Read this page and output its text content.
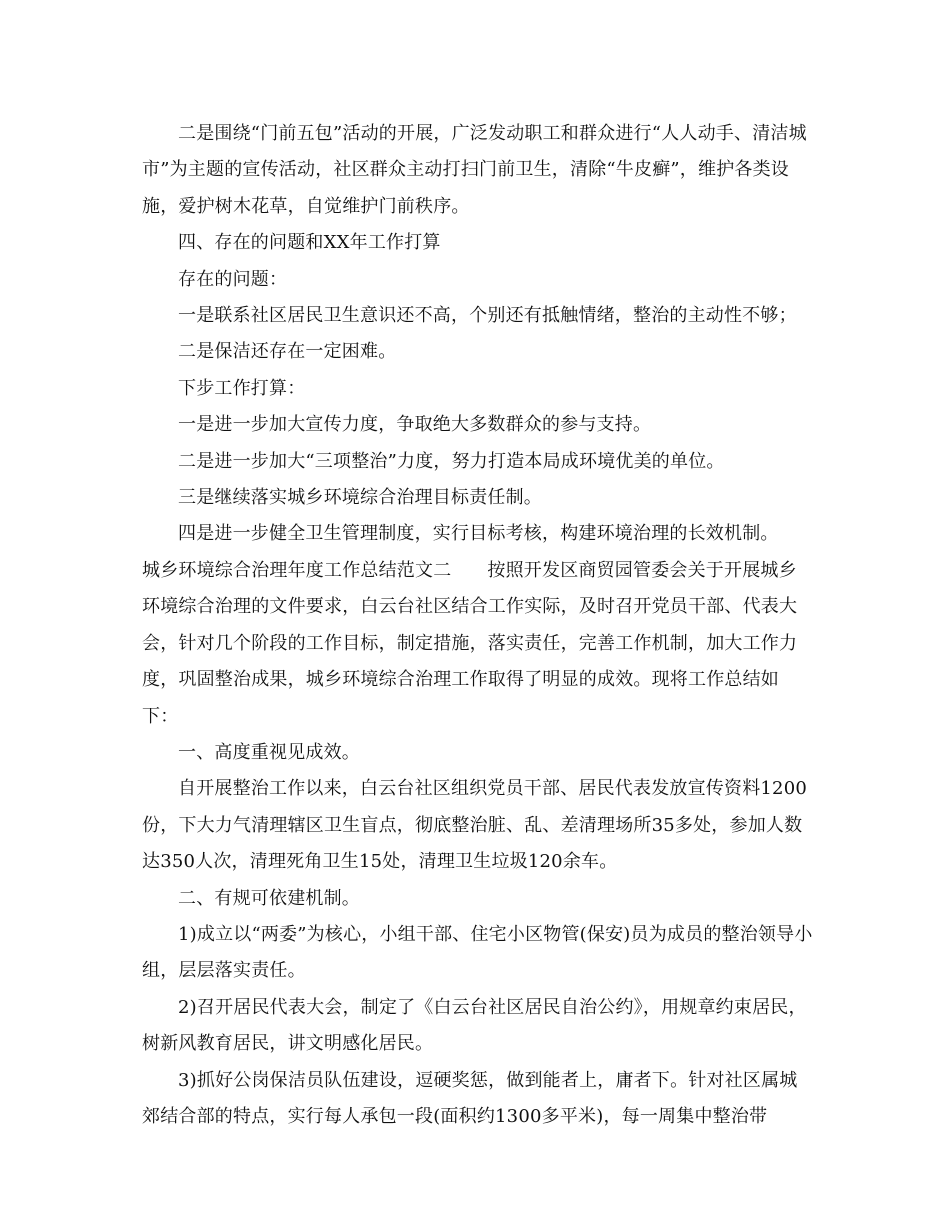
二是围绕“门前五包”活动的开展，广泛发动职工和群众进行“人人动手、清洁城市”为主题的宣传活动，社区群众主动打扫门前卫生，清除“牛皮癣”，维护各类设施，爱护树木花草，自觉维护门前秩序。

四、存在的问题和XX年工作打算

存在的问题：

一是联系社区居民卫生意识还不高，个别还有抵触情绪，整治的主动性不够；

二是保洁还存在一定困难。

下步工作打算：

一是进一步加大宣传力度，争取绝大多数群众的参与支持。

二是进一步加大“三项整治”力度，努力打造本局成环境优美的单位。

三是继续落实城乡环境综合治理目标责任制。

四是进一步健全卫生管理制度，实行目标考核，构建环境治理的长效机制。

城乡环境综合治理年度工作总结范文二 按照开发区商贸园管委会关于开展城乡环境综合治理的文件要求，白云台社区结合工作实际，及时召开党员干部、代表大会，针对几个阶段的工作目标，制定措施，落实责任，完善工作机制，加大工作力度，巩固整治成果，城乡环境综合治理工作取得了明显的成效。现将工作总结如下：

一、高度重视见成效。

自开展整治工作以来，白云台社区组织党员干部、居民代表发放宣传资料1200份，下大力气清理辖区卫生盲点，彻底整治脏、乱、差清理场所35多处，参加人数达350人次，清理死角卫生15处，清理卫生垃圾120余车。

二、有规可依建机制。

1)成立以“两委”为核心，小组干部、住宅小区物管(保安)员为成员的整治领导小组，层层落实责任。

2)召开居民代表大会，制定了《白云台社区居民自治公约》，用规章约束居民，树新风教育居民，讲文明感化居民。

3)抓好公岗保洁员队伍建设，逗硬奖惩，做到能者上，庸者下。针对社区属城郊结合部的特点，实行每人承包一段(面积约1300多平米)，每一周集中整治带
